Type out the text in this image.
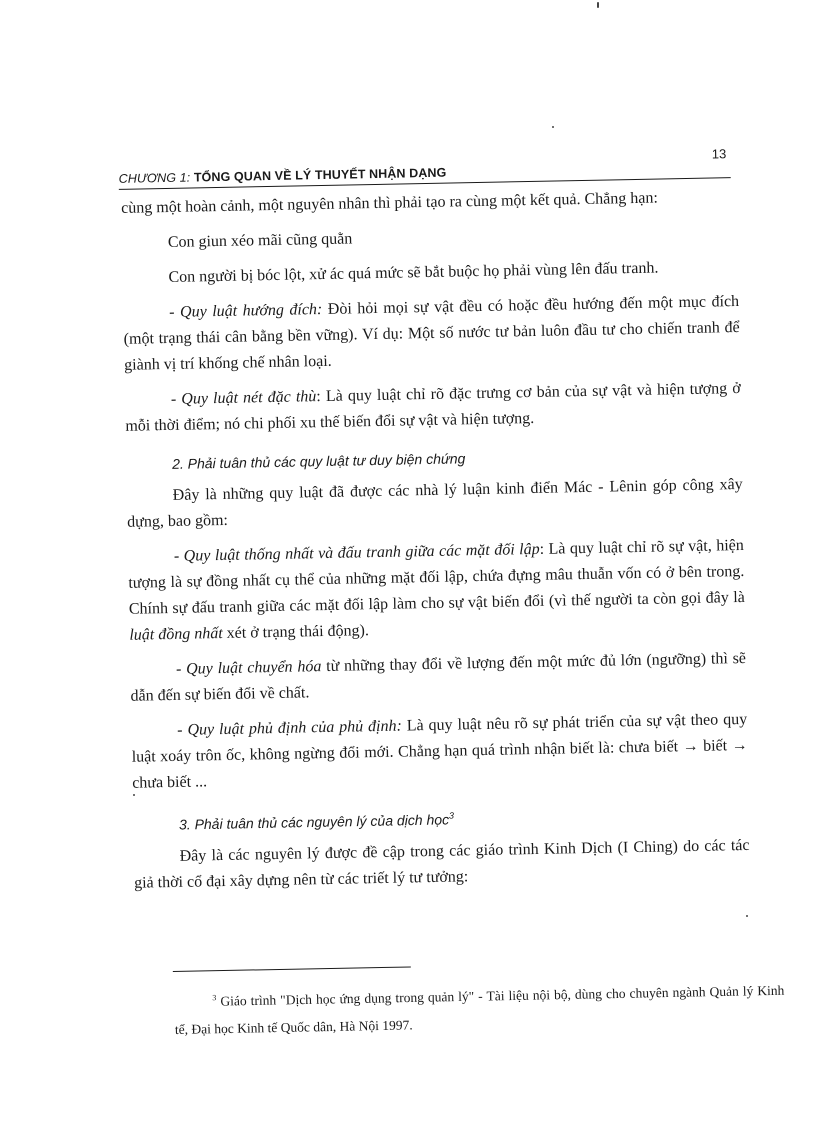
CHƯƠNG 1: TỔNG QUAN VỀ LÝ THUYẾT NHẬN DẠNG
13

cùng một hoàn cảnh, một nguyên nhân thì phải tạo ra cùng một kết quả. Chẳng hạn:

Con giun xéo mãi cũng quằn

Con người bị bóc lột, xử ác quá mức sẽ bắt buộc họ phải vùng lên đấu tranh.

- Quy luật hướng đích: Đòi hỏi mọi sự vật đều có hoặc đều hướng đến một mục đích (một trạng thái cân bằng bền vững). Ví dụ: Một số nước tư bản luôn đầu tư cho chiến tranh để giành vị trí khống chế nhân loại.

- Quy luật nét đặc thù: Là quy luật chỉ rõ đặc trưng cơ bản của sự vật và hiện tượng ở mỗi thời điểm; nó chi phối xu thế biến đổi sự vật và hiện tượng.

2. Phải tuân thủ các quy luật tư duy biện chứng

Đây là những quy luật đã được các nhà lý luận kinh điển Mác - Lênin góp công xây dựng, bao gồm:

- Quy luật thống nhất và đấu tranh giữa các mặt đối lập: Là quy luật chỉ rõ sự vật, hiện tượng là sự đồng nhất cụ thể của những mặt đối lập, chứa đựng mâu thuẫn vốn có ở bên trong. Chính sự đấu tranh giữa các mặt đối lập làm cho sự vật biến đổi (vì thế người ta còn gọi đây là luật đồng nhất xét ở trạng thái động).

- Quy luật chuyển hóa từ những thay đổi về lượng đến một mức đủ lớn (ngưỡng) thì sẽ dẫn đến sự biến đổi về chất.

- Quy luật phủ định của phủ định: Là quy luật nêu rõ sự phát triển của sự vật theo quy luật xoáy trôn ốc, không ngừng đổi mới. Chẳng hạn quá trình nhận biết là: chưa biết → biết → chưa biết ...

3. Phải tuân thủ các nguyên lý của dịch học$^3$

Đây là các nguyên lý được đề cập trong các giáo trình Kinh Dịch (I Ching) do các tác giả thời cổ đại xây dựng nên từ các triết lý tư tưởng:

$^3$ Giáo trình "Dịch học ứng dụng trong quản lý" - Tài liệu nội bộ, dùng cho chuyên ngành Quản lý Kinh tế, Đại học Kinh tế Quốc dân, Hà Nội 1997.
